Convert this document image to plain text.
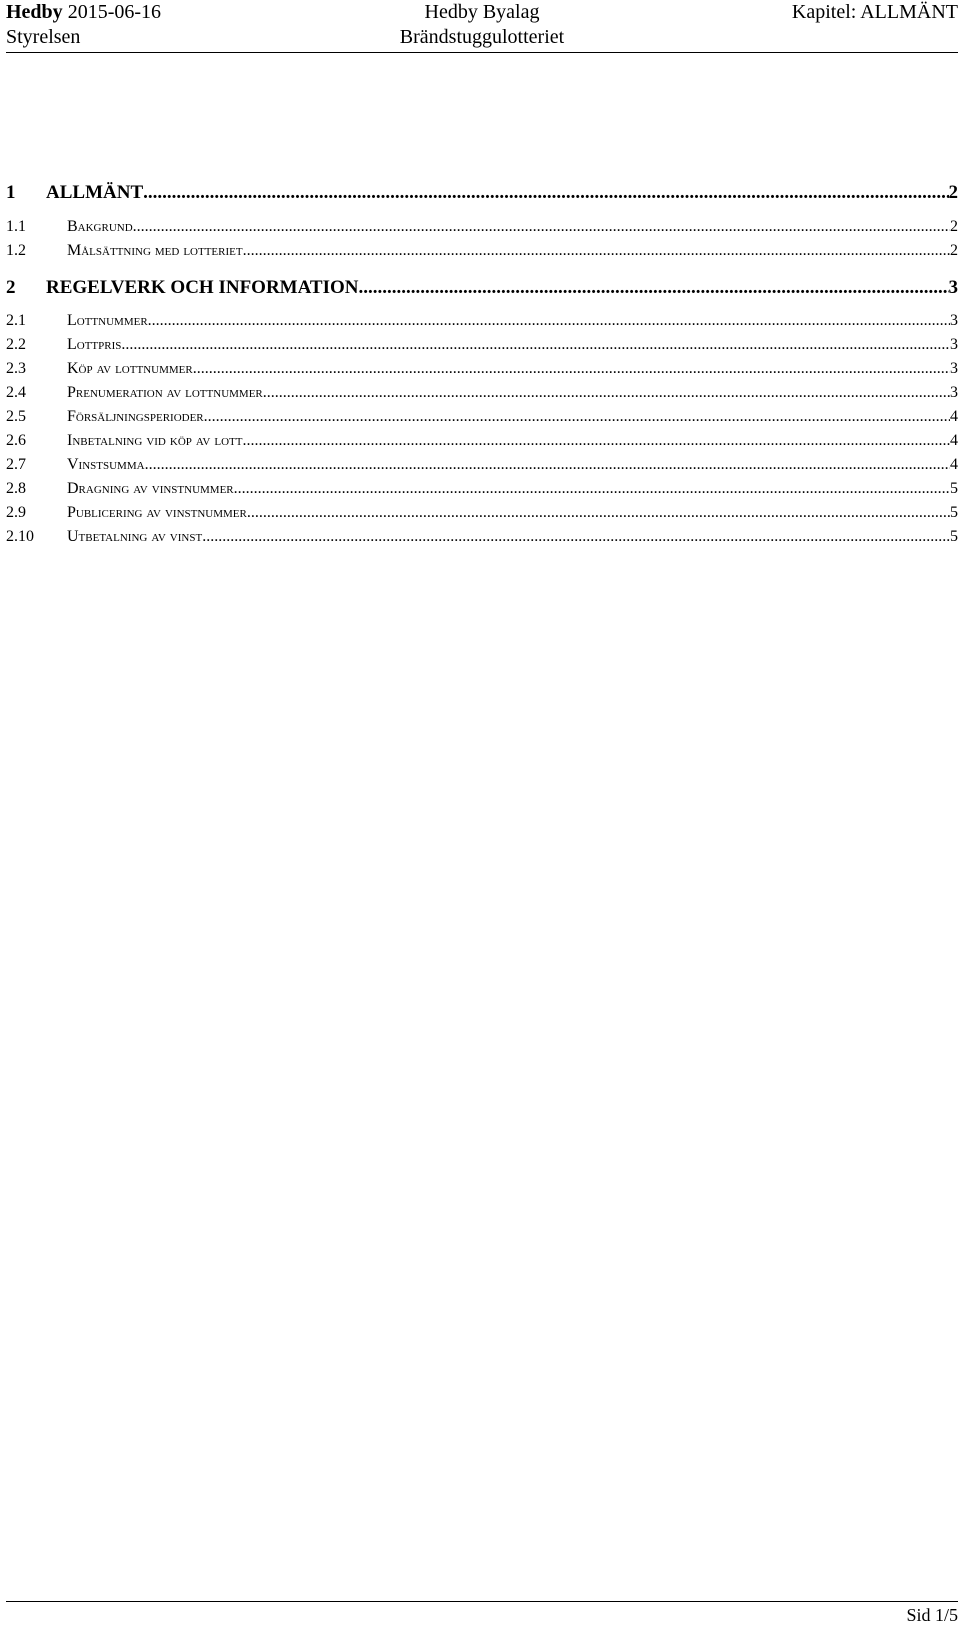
Hedby 2015-06-16
Styrelsen
Hedby Byalag
Brändstuggulotteriet
Kapitel: ALLMÄNT
1	ALLMÄNT .....	2
1.1	Bakgrund .....	2
1.2	Målsättning med lotteriet .....	2
2	REGELVERK OCH INFORMATION .....	3
2.1	Lottnummer .....	3
2.2	Lottpris .....	3
2.3	Köp av lottnummer .....	3
2.4	Prenumeration av lottnummer .....	3
2.5	Försäljningsperioder .....	4
2.6	Inbetalning vid köp av lott .....	4
2.7	Vinstsumma .....	4
2.8	Dragning av vinstnummer .....	5
2.9	Publicering av vinstnummer .....	5
2.10	Utbetalning av vinst .....	5
Sid 1/5
